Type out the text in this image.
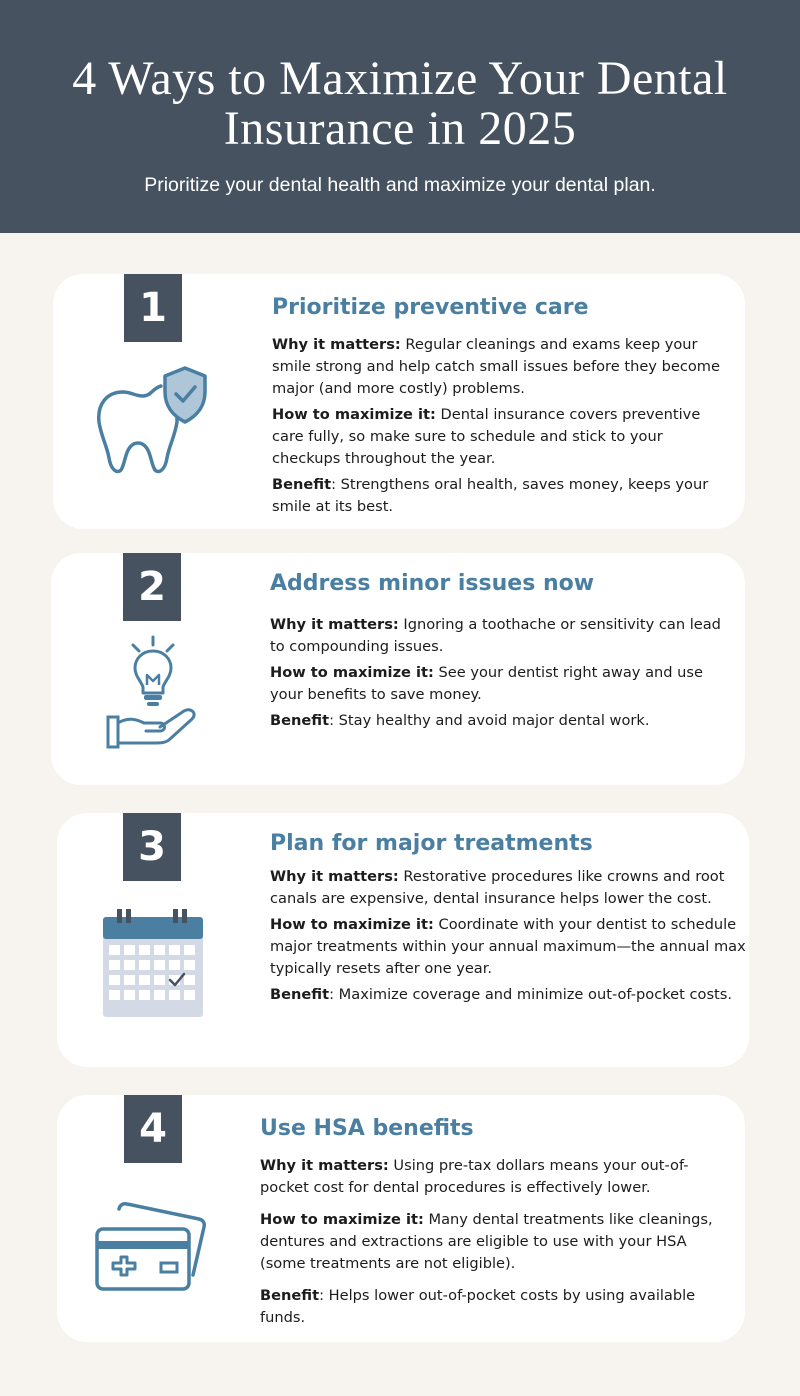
4 Ways to Maximize Your Dental
Insurance in 2025
Prioritize your dental health and maximize your dental plan.
1	Prioritize preventive care

Why it matters: Regular cleanings and exams keep your smile strong and help catch small issues before they become major (and more costly) problems.

How to maximize it: Dental insurance covers preventive care fully, so make sure to schedule and stick to your checkups throughout the year.

Benefit: Strengthens oral health, saves money, keeps your smile at its best.

2	Address minor issues now

Why it matters: Ignoring a toothache or sensitivity can lead to compounding issues.

How to maximize it: See your dentist right away and use your benefits to save money.

Benefit: Stay healthy and avoid major dental work.

3	Plan for major treatments

Why it matters: Restorative procedures like crowns and root canals are expensive, dental insurance helps lower the cost.

How to maximize it: Coordinate with your dentist to schedule major treatments within your annual maximum—the annual max typically resets after one year.

Benefit: Maximize coverage and minimize out-of-pocket costs.

4	Use HSA benefits

Why it matters: Using pre-tax dollars means your out-of-pocket cost for dental procedures is effectively lower.

How to maximize it: Many dental treatments like cleanings, dentures and extractions are eligible to use with your HSA (some treatments are not eligible).

Benefit: Helps lower out-of-pocket costs by using available funds.
